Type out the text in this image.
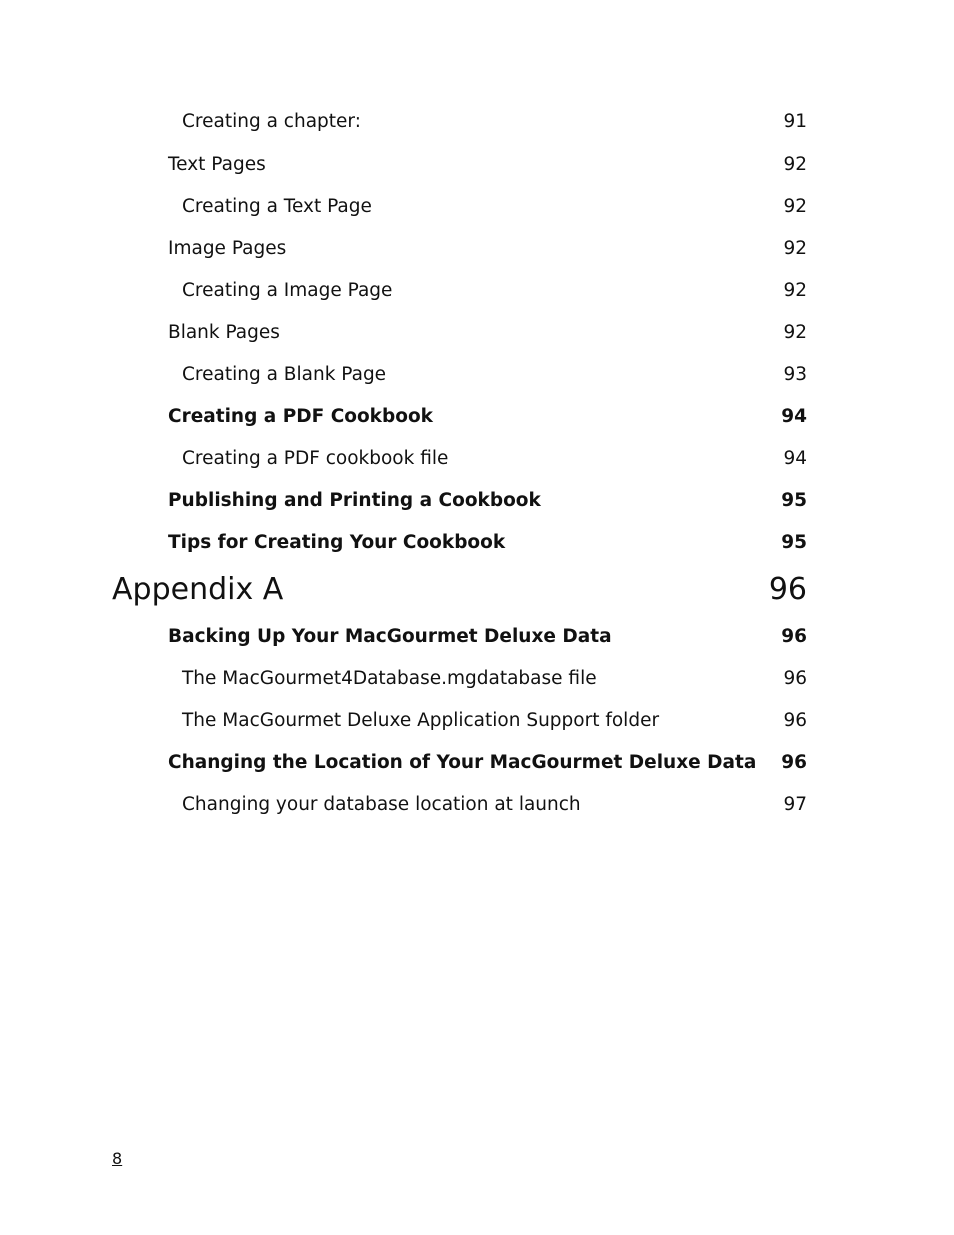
Creating a chapter:	91
Text Pages	92
Creating a Text Page	92
Image Pages	92
Creating a Image Page	92
Blank Pages	92
Creating a Blank Page	93
Creating a PDF Cookbook	94
Creating a PDF cookbook file	94
Publishing and Printing a Cookbook	95
Tips for Creating Your Cookbook	95
Appendix A	96
Backing Up Your MacGourmet Deluxe Data	96
The MacGourmet4Database.mgdatabase file	96
The MacGourmet Deluxe Application Support folder	96
Changing the Location of Your MacGourmet Deluxe Data 96
Changing your database location at launch	97
8
